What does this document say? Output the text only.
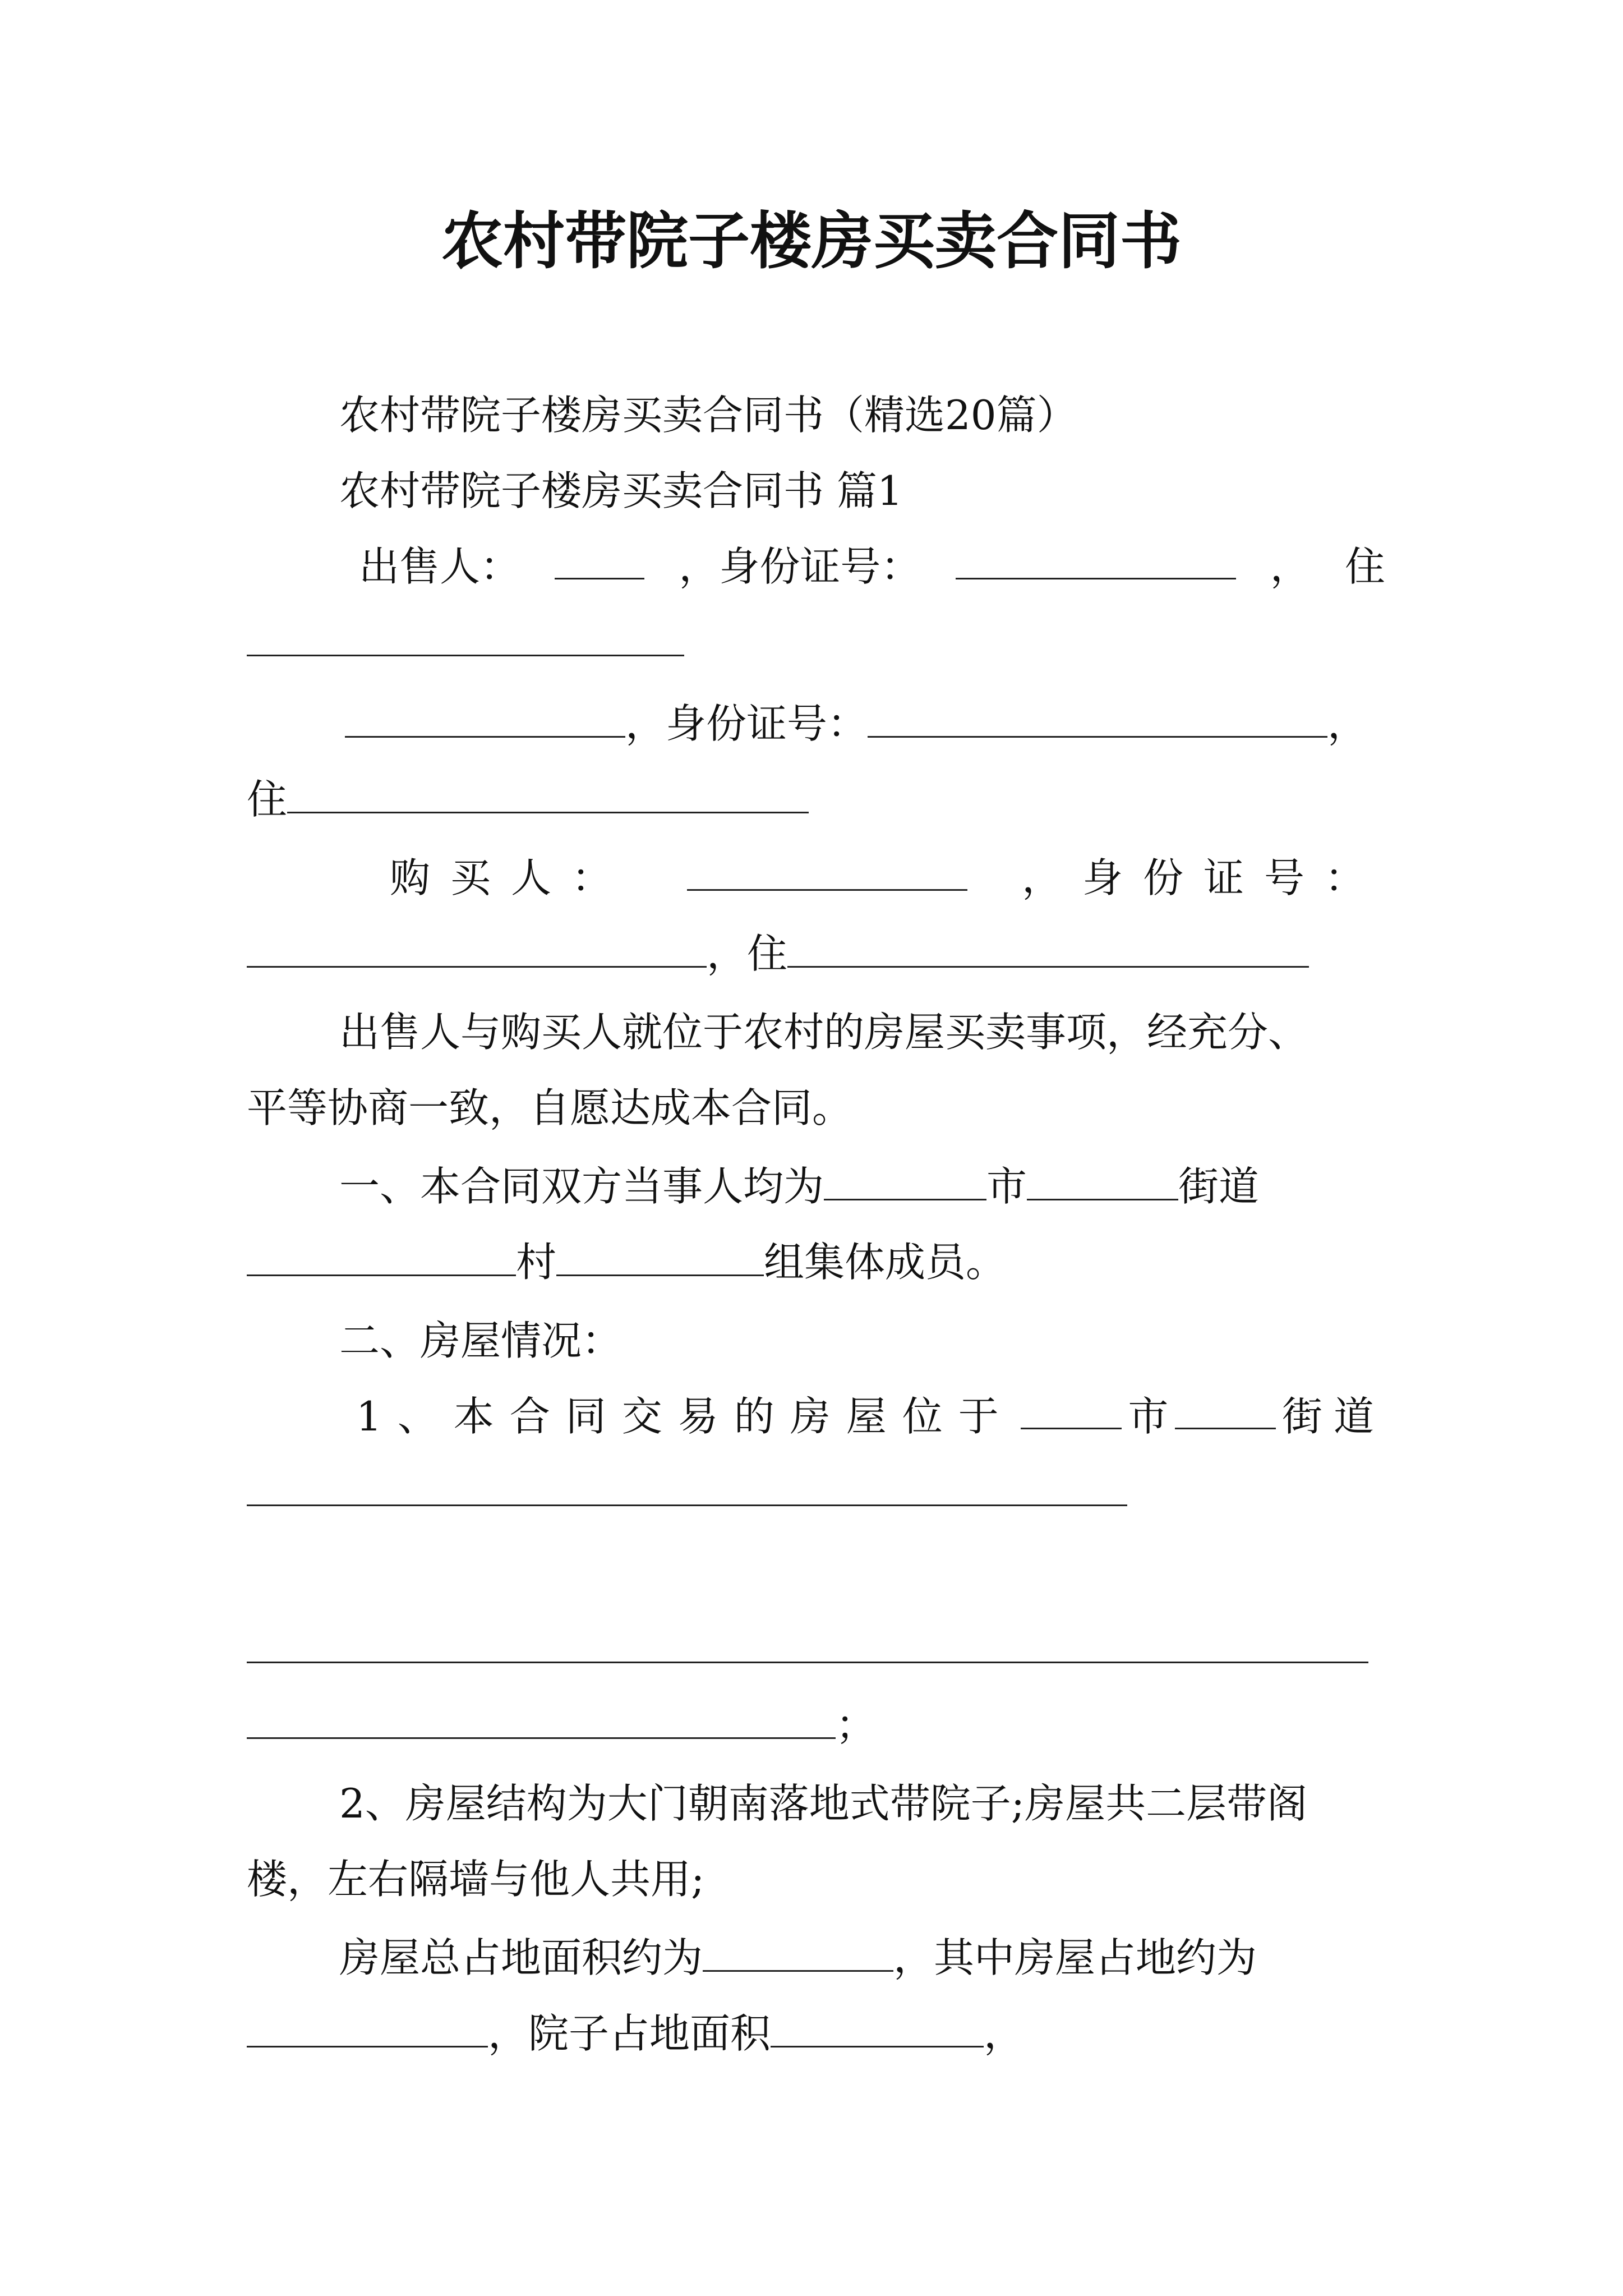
农村带院子楼房买卖合同书
农村带院子楼房买卖合同书（精选20篇）
农村带院子楼房买卖合同书 篇1
出售人：	，身份证号：	， 住
，身份证号：	，
住
购买人：	，身份证号：
，住
出售人与购买人就位于农村的房屋买卖事项，经充分、
平等协商一致，自愿达成本合同。
一、本合同双方当事人均为	市	街道
村	组集体成员。
二、房屋情况：
1、本合同交易的房屋位于	市	街道
；
2、房屋结构为大门朝南落地式带院子;房屋共二层带阁
楼，左右隔墙与他人共用;
房屋总占地面积约为	，其中房屋占地约为
，院子占地面积	，
